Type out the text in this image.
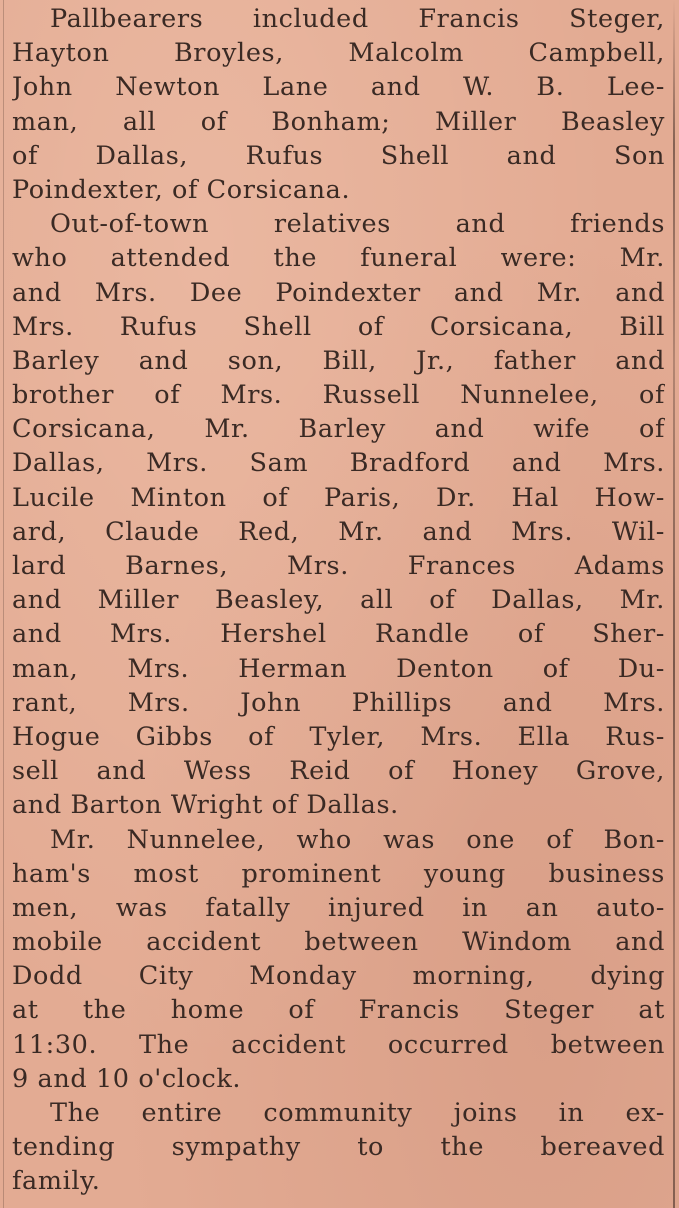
Pallbearers included Francis Steger,
Hayton Broyles, Malcolm Campbell,
John Newton Lane and W. B. Lee-
man, all of Bonham; Miller Beasley
of Dallas, Rufus Shell and Son
Poindexter, of Corsicana.
Out-of-town relatives and friends
who attended the funeral were: Mr.
and Mrs. Dee Poindexter and Mr. and
Mrs. Rufus Shell of Corsicana, Bill
Barley and son, Bill, Jr., father and
brother of Mrs. Russell Nunnelee, of
Corsicana, Mr. Barley and wife of
Dallas, Mrs. Sam Bradford and Mrs.
Lucile Minton of Paris, Dr. Hal How-
ard, Claude Red, Mr. and Mrs. Wil-
lard Barnes, Mrs. Frances Adams
and Miller Beasley, all of Dallas, Mr.
and Mrs. Hershel Randle of Sher-
man, Mrs. Herman Denton of Du-
rant, Mrs. John Phillips and Mrs.
Hogue Gibbs of Tyler, Mrs. Ella Rus-
sell and Wess Reid of Honey Grove,
and Barton Wright of Dallas.
Mr. Nunnelee, who was one of Bon-
ham's most prominent young business
men, was fatally injured in an auto-
mobile accident between Windom and
Dodd City Monday morning, dying
at the home of Francis Steger at
11:30. The accident occurred between
9 and 10 o'clock.
The entire community joins in ex-
tending sympathy to the bereaved
family.
